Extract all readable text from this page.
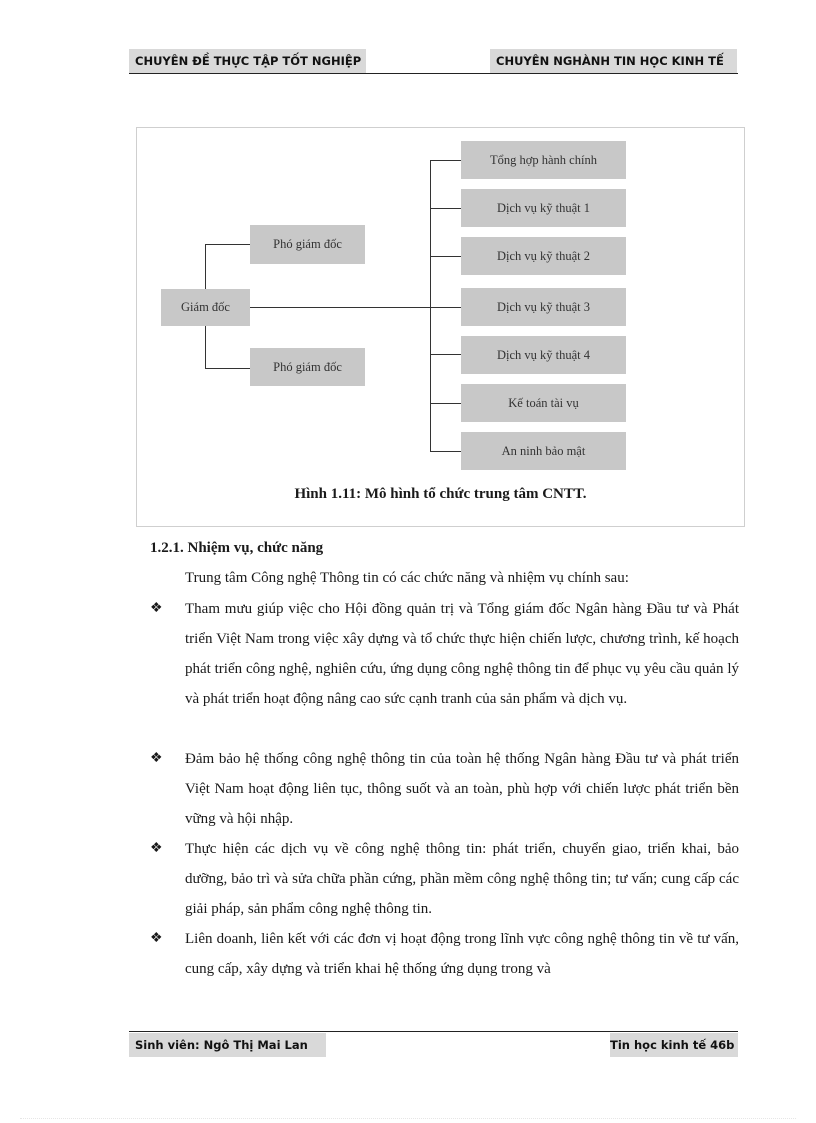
CHUYÊN ĐỀ THỰC TẬP TỐT NGHIỆP	CHUYÊN NGHÀNH TIN HỌC KINH TẾ
Giám đốc
Phó giám đốc
Phó giám đốc
Tổng hợp hành chính
Dịch vụ kỹ thuật 1
Dịch vụ kỹ thuật 2
Dịch vụ kỹ thuật 3
Dịch vụ kỹ thuật 4
Kế toán tài vụ
An ninh bảo mật
Hình 1.11: Mô hình tổ chức trung tâm CNTT.
1.2.1. Nhiệm vụ, chức năng
Trung tâm Công nghệ Thông tin có các chức năng và nhiệm vụ chính sau:
❖	Tham mưu giúp việc cho Hội đồng quản trị và Tổng giám đốc Ngân hàng Đầu tư và Phát triển Việt Nam trong việc xây dựng và tổ chức thực hiện chiến lược, chương trình, kế hoạch phát triển công nghệ, nghiên cứu, ứng dụng công nghệ thông tin để phục vụ yêu cầu quản lý và phát triển hoạt động nâng cao sức cạnh tranh của sản phẩm và dịch vụ.
❖	Đảm bảo hệ thống công nghệ thông tin của toàn hệ thống Ngân hàng Đầu tư và phát triển Việt Nam hoạt động liên tục, thông suốt và an toàn, phù hợp với chiến lược phát triển bền vững và hội nhập.
❖	Thực hiện các dịch vụ về công nghệ thông tin: phát triển, chuyển giao, triển khai, bảo dưỡng, bảo trì và sửa chữa phần cứng, phần mềm công nghệ thông tin; tư vấn; cung cấp các giải pháp, sản phẩm công nghệ thông tin.
❖	Liên doanh, liên kết với các đơn vị hoạt động trong lĩnh vực công nghệ thông tin về tư vấn, cung cấp, xây dựng và triển khai hệ thống ứng dụng trong và
Sinh viên: Ngô Thị Mai Lan	Tin học kinh tế 46b
